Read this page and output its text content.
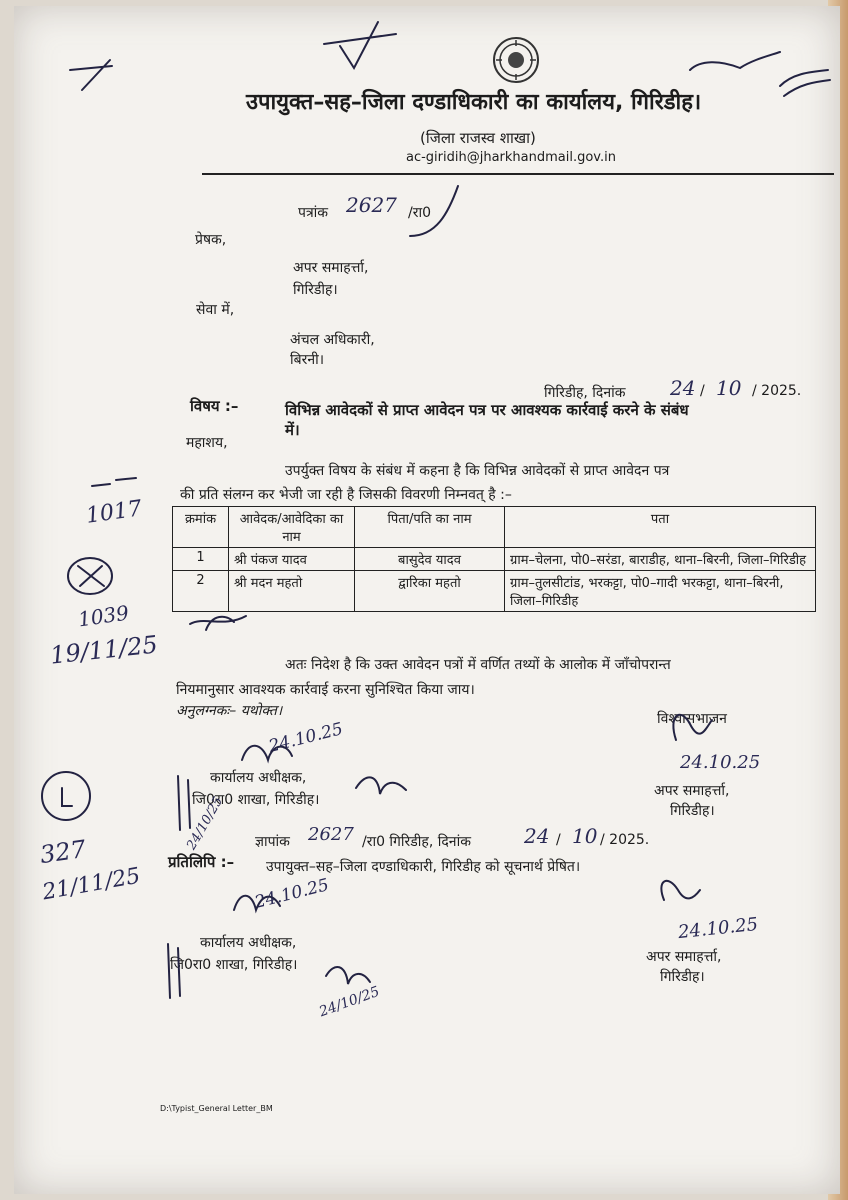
उपायुक्त–सह–जिला दण्डाधिकारी का कार्यालय, गिरिडीह।
(जिला राजस्व शाखा)
ac-giridih@jharkhandmail.gov.in
पत्रांक 2627 /रा0
प्रेषक,
अपर समाहर्त्ता,
गिरिडीह।
सेवा में,
अंचल अधिकारी,
बिरनी।
गिरिडीह, दिनांक 24 / 10 / 2025.
विषय :–	विभिन्न आवेदकों से प्राप्त आवेदन पत्र पर आवश्यक कार्रवाई करने के संबंध
में।
महाशय,
उपर्युक्त विषय के संबंध में कहना है कि विभिन्न आवेदकों से प्राप्त आवेदन पत्र
की प्रति संलग्न कर भेजी जा रही है जिसकी विवरणी निम्नवत् है :–
क्रमांक	आवेदक/आवेदिका का नाम	पिता/पति का नाम	पता
1	श्री पंकज यादव	बासुदेव यादव	ग्राम–चेलना, पो0–सरंडा, बाराडीह, थाना–बिरनी, जिला–गिरिडीह
2	श्री मदन महतो	द्वारिका महतो	ग्राम–तुलसीटांड, भरकट्टा, पो0–गादी भरकट्टा, थाना–बिरनी, जिला–गिरिडीह
अतः निदेश है कि उक्त आवेदन पत्रों में वर्णित तथ्यों के आलोक में जाँचोपरान्त
नियमानुसार आवश्यक कार्रवाई करना सुनिश्चित किया जाय।
अनुलग्नकः– यथोक्त।	विश्वासभाजन
24.10.25
अपर समाहर्त्ता,
गिरिडीह।
कार्यालय अधीक्षक,
जि0रा0 शाखा, गिरिडीह।
24.10.25
ज्ञापांक 2627 /रा0 गिरिडीह, दिनांक	24 / 10 / 2025.
प्रतिलिपि :– उपायुक्त–सह–जिला दण्डाधिकारी, गिरिडीह को सूचनार्थ प्रेषित।
24.10.25
अपर समाहर्त्ता,
गिरिडीह।
कार्यालय अधीक्षक,
जि0रा0 शाखा, गिरिडीह।
24.10.25
24/10/25
24/10/25
1017
1039
19/11/25
327
21/11/25
D:\Typist_General Letter_BM
